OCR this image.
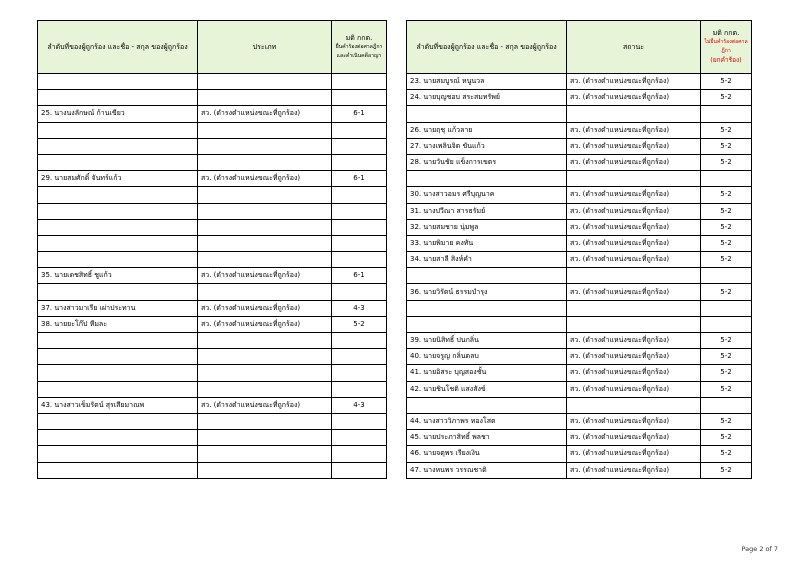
ลำดับที่ของผู้ถูกร้อง และชื่อ - สกุล ของผู้ถูกร้อง	ประเภท	มติ กกต.
ยื่นคำร้องต่อศาลฎีกา
และดำเนินคดีอาญา

25. นางนงลักษณ์ ก้านเขียว	สว. (ดำรงตำแหน่งขณะที่ถูกร้อง)	6-1

29. นายสมศักดิ์ จันทร์แก้ว	สว. (ดำรงตำแหน่งขณะที่ถูกร้อง)	6-1

35. นายเดชสิทธิ์ ชูแก้ว	สว. (ดำรงตำแหน่งขณะที่ถูกร้อง)	6-1

37. นางสาวมาเรีย เผ่าประทาน	สว. (ดำรงตำแหน่งขณะที่ถูกร้อง)	4-3
38. นายยะโก๊ป หีมละ	สว. (ดำรงตำแหน่งขณะที่ถูกร้อง)	5-2

43. นางสาวเข็มรัตน์ สุรเสียมาณพ	สว. (ดำรงตำแหน่งขณะที่ถูกร้อง)	4-3

ลำดับที่ของผู้ถูกร้อง และชื่อ - สกุล ของผู้ถูกร้อง	สถานะ	มติ กกต.
ไม่ยื่นคำร้องต่อศาลฎีกา
(ยกคำร้อง)

23. นายสมบูรณ์ หนูนวล	สว. (ดำรงตำแหน่งขณะที่ถูกร้อง)	5-2
24. นายบุญชอบ สระสมทรัพย์	สว. (ดำรงตำแหน่งขณะที่ถูกร้อง)	5-2

26. นายฤชุ แก้วลาย	สว. (ดำรงตำแหน่งขณะที่ถูกร้อง)	5-2
27. นางเพลินจิต ขันแก้ว	สว. (ดำรงตำแหน่งขณะที่ถูกร้อง)	5-2
28. นายวันชัย แข็งการเขตร	สว. (ดำรงตำแหน่งขณะที่ถูกร้อง)	5-2

30. นางสาวอมร ศรีบุญนาค	สว. (ดำรงตำแหน่งขณะที่ถูกร้อง)	5-2
31. นางปวีณา สารธรัมย์	สว. (ดำรงตำแหน่งขณะที่ถูกร้อง)	5-2
32. นายสมชาย นุ่มพูล	สว. (ดำรงตำแหน่งขณะที่ถูกร้อง)	5-2
33. นายพิมาย คงทัน	สว. (ดำรงตำแหน่งขณะที่ถูกร้อง)	5-2
34. นายสาลี สิงห์คำ	สว. (ดำรงตำแหน่งขณะที่ถูกร้อง)	5-2

36. นายวิรัตน์ ธรรมบำรุง	สว. (ดำรงตำแหน่งขณะที่ถูกร้อง)	5-2

39. นายนิสิทธิ์ ปนกลิ่น	สว. (ดำรงตำแหน่งขณะที่ถูกร้อง)	5-2
40. นายจรูญ กลิ่นตลบ	สว. (ดำรงตำแหน่งขณะที่ถูกร้อง)	5-2
41. นายอิสระ บุญสองชั้น	สว. (ดำรงตำแหน่งขณะที่ถูกร้อง)	5-2
42. นายชินโชติ แสงสังข์	สว. (ดำรงตำแหน่งขณะที่ถูกร้อง)	5-2

44. นางสาววิภาพร ทองโสต	สว. (ดำรงตำแหน่งขณะที่ถูกร้อง)	5-2
45. นายประภาสิทธิ์ พลชา	สว. (ดำรงตำแหน่งขณะที่ถูกร้อง)	5-2
46. นายจตุพร เรียงเงิน	สว. (ดำรงตำแหน่งขณะที่ถูกร้อง)	5-2
47. นางหนพร วรรณชาติ	สว. (ดำรงตำแหน่งขณะที่ถูกร้อง)	5-2
Page 2 of 7
